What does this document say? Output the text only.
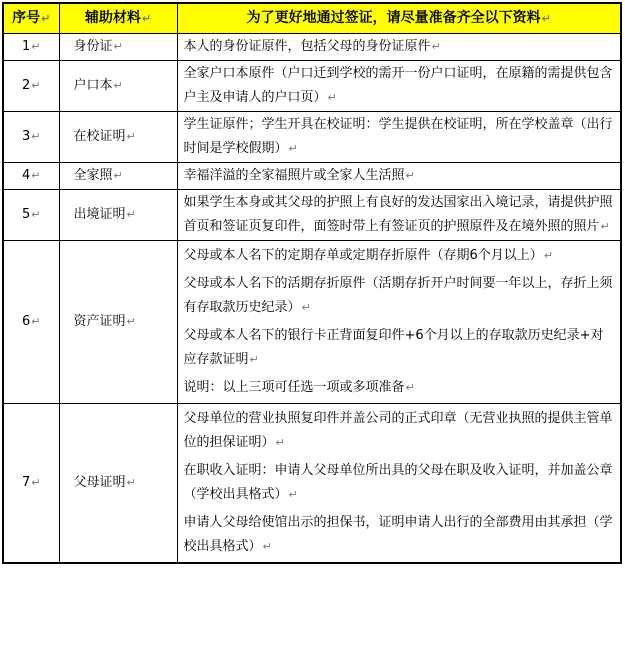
序号↵	辅助材料↵	为了更好地通过签证，请尽量准备齐全以下资料↵
1↵	身份证↵	本人的身份证原件，包括父母的身份证原件↵

2↵	户口本↵	全家户口本原件（户口迁到学校的需开一份户口证明，在原籍的需提供包含户主及申请人的户口页）↵

3↵	在校证明↵	学生证原件；学生开具在校证明：学生提供在校证明，所在学校盖章（出行时间是学校假期）↵

4↵	全家照↵	幸福洋溢的全家福照片或全家人生活照↵

5↵	出境证明↵	如果学生本身或其父母的护照上有良好的发达国家出入境记录，请提供护照首页和签证页复印件，面签时带上有签证页的护照原件及在境外照的照片↵

6↵	资产证明↵	父母或本人名下的定期存单或定期存折原件（存期6个月以上）↵
父母或本人名下的活期存折原件（活期存折开户时间要一年以上，存折上须有存取款历史纪录）↵
父母或本人名下的银行卡正背面复印件+6个月以上的存取款历史纪录+对应存款证明↵
说明：以上三项可任选一项或多项准备↵

7↵	父母证明↵	父母单位的营业执照复印件并盖公司的正式印章（无营业执照的提供主管单位的担保证明）↵
在职收入证明：申请人父母单位所出具的父母在职及收入证明，并加盖公章（学校出具格式）↵
申请人父母给使馆出示的担保书，证明申请人出行的全部费用由其承担（学校出具格式）↵
